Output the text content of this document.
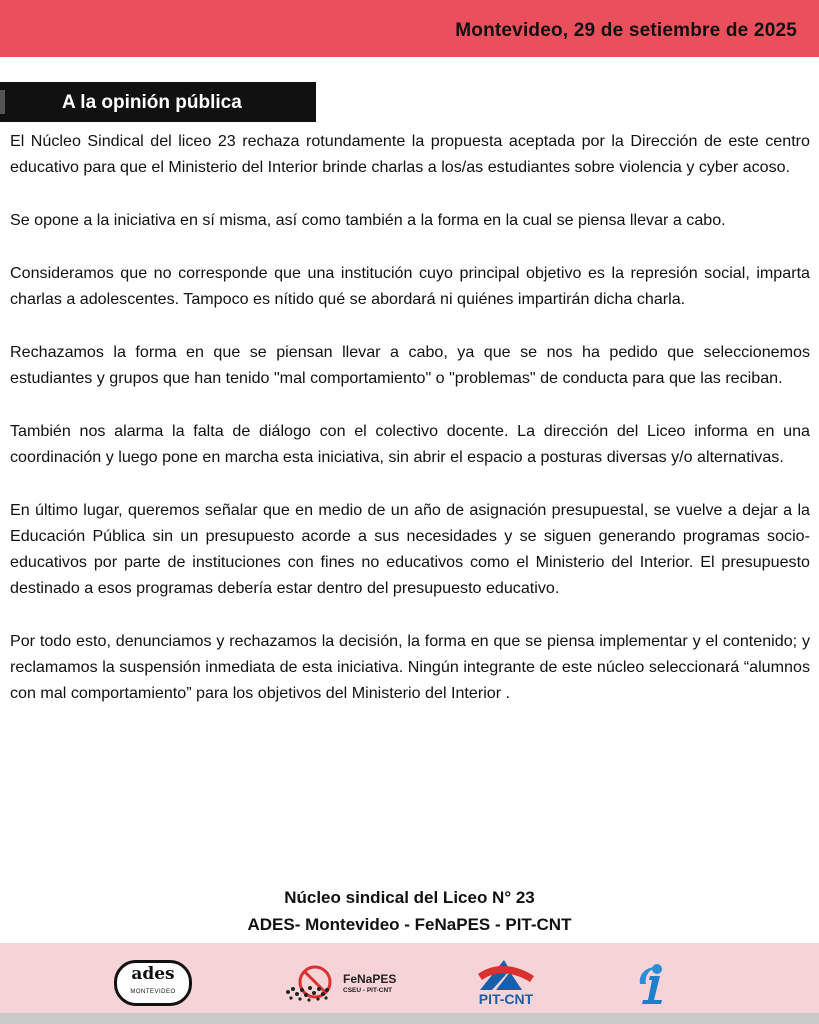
Montevideo, 29 de setiembre de 2025
A la opinión pública

El Núcleo Sindical del liceo 23 rechaza rotundamente la propuesta aceptada por la Dirección de este centro educativo para que el Ministerio del Interior brinde charlas a los/as estudiantes sobre violencia y cyber acoso.

Se opone a la iniciativa en sí misma, así como también a la forma en la cual se piensa llevar a cabo.

Consideramos que no corresponde que una institución cuyo principal objetivo es la represión social, imparta charlas a adolescentes. Tampoco es nítido qué se abordará ni quiénes impartirán dicha charla.

Rechazamos la forma en que se piensan llevar a cabo, ya que se nos ha pedido que seleccionemos estudiantes y grupos que han tenido "mal comportamiento" o "problemas" de conducta para que las reciban.

También nos alarma la falta de diálogo con el colectivo docente. La dirección del Liceo informa en una coordinación y luego pone en marcha esta iniciativa, sin abrir el espacio a posturas diversas y/o alternativas.

En último lugar, queremos señalar que en medio de un año de asignación presupuestal, se vuelve a dejar a la Educación Pública sin un presupuesto acorde a sus necesidades y se siguen generando programas socio-educativos por parte de instituciones con fines no educativos como el Ministerio del Interior. El presupuesto destinado a esos programas debería estar dentro del presupuesto educativo.

Por todo esto, denunciamos y rechazamos la decisión, la forma en que se piensa implementar y el contenido; y reclamamos la suspensión inmediata de esta iniciativa. Ningún integrante de este núcleo seleccionará “alumnos con mal comportamiento” para los objetivos del Ministerio del Interior .

Núcleo sindical del Liceo N° 23
ADES- Montevideo - FeNaPES - PIT-CNT
ades
MONTEVIDEO
FeNaPES
CSEU - PIT-CNT
PIT-CNT
